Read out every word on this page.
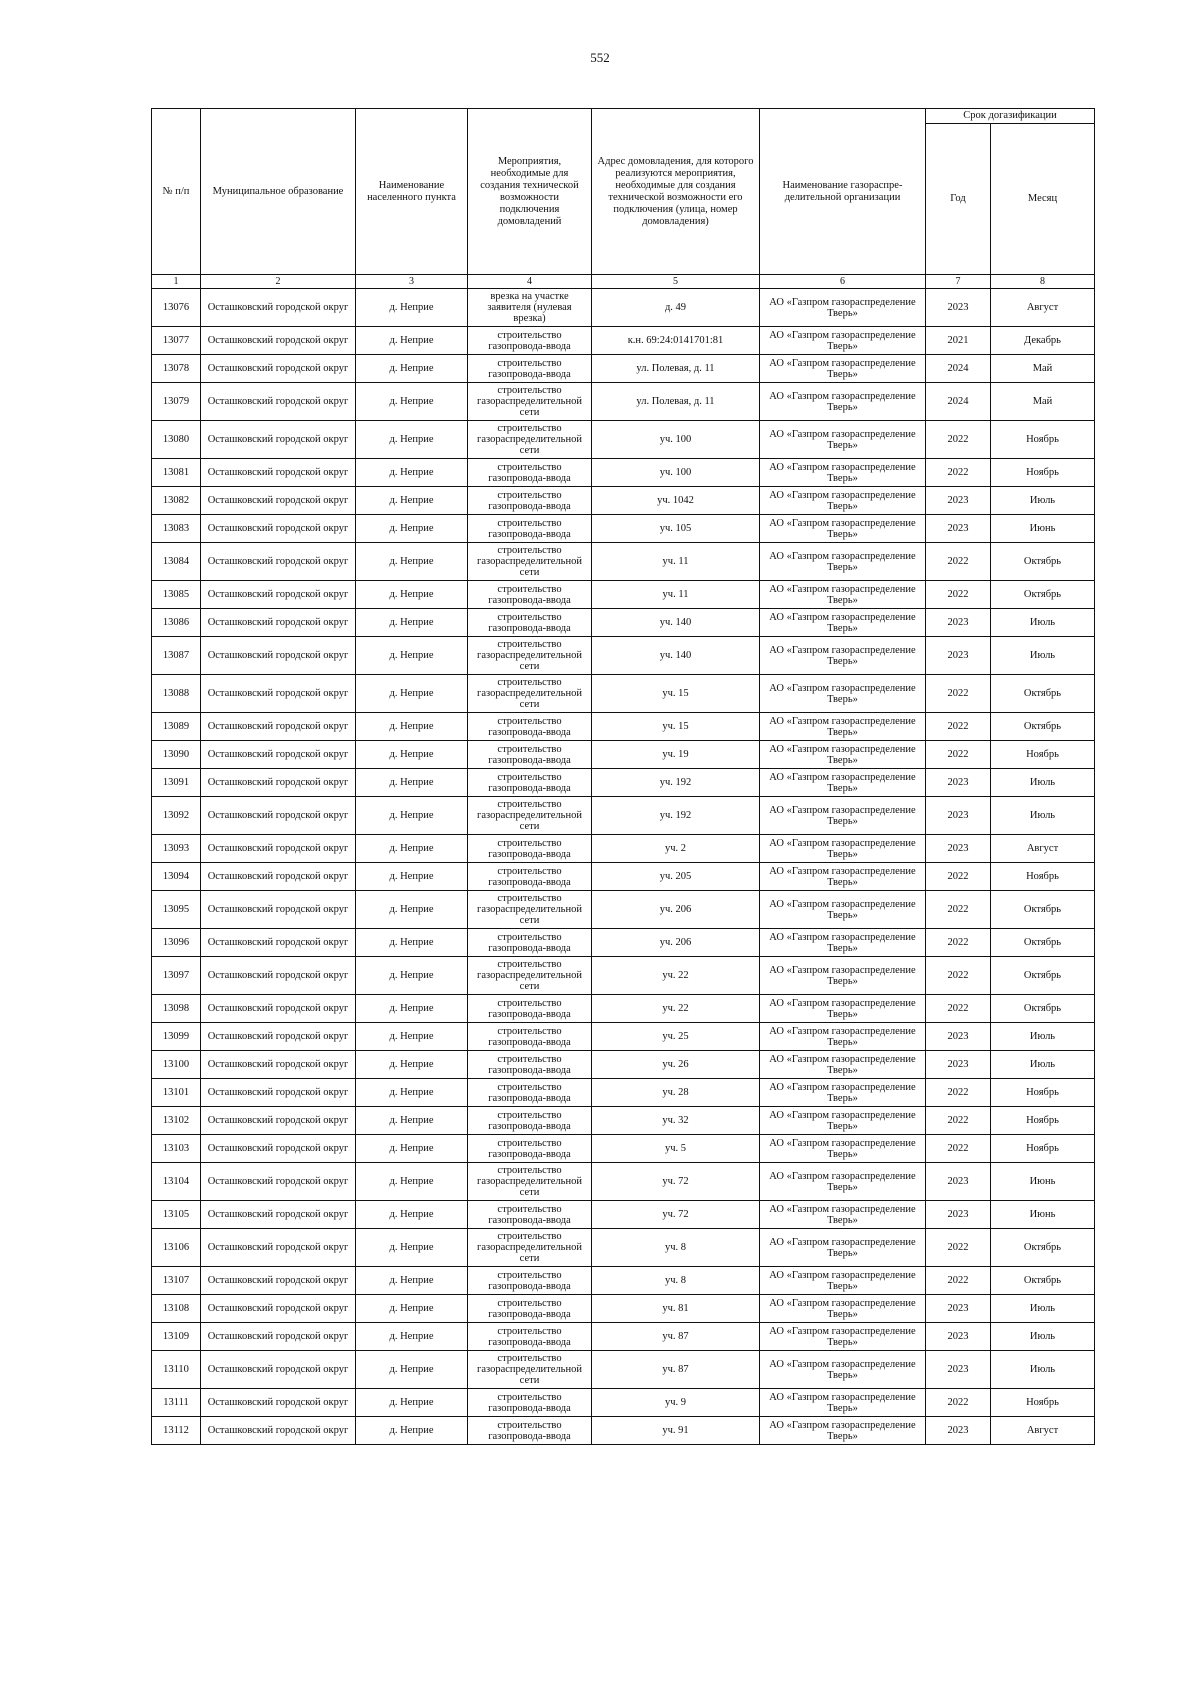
552
№ п/п	Муниципальное образование	Наименование населенного пункта	Мероприятия, необходимые для создания технической возможности подключения домовладений	Адрес домовладения, для которого реализуются мероприятия, необходимые для создания технической возможности его подключения (улица, номер домовладения)	Наименование газораспре-делительной организации	Срок догазификации	
						Год	Месяц
1	2	3	4	5	6	7	8
13076	Осташковский городской округ	д. Неприе	врезка на участке заявителя (нулевая врезка)	д. 49	АО «Газпром газораспределение Тверь»	2023	Август
13077	Осташковский городской округ	д. Неприе	строительство газопровода-ввода	к.н. 69:24:0141701:81	АО «Газпром газораспределение Тверь»	2021	Декабрь
13078	Осташковский городской округ	д. Неприе	строительство газопровода-ввода	ул. Полевая, д. 11	АО «Газпром газораспределение Тверь»	2024	Май
13079	Осташковский городской округ	д. Неприе	строительство газораспределительной сети	ул. Полевая, д. 11	АО «Газпром газораспределение Тверь»	2024	Май
13080	Осташковский городской округ	д. Неприе	строительство газораспределительной сети	уч. 100	АО «Газпром газораспределение Тверь»	2022	Ноябрь
13081	Осташковский городской округ	д. Неприе	строительство газопровода-ввода	уч. 100	АО «Газпром газораспределение Тверь»	2022	Ноябрь
13082	Осташковский городской округ	д. Неприе	строительство газопровода-ввода	уч. 1042	АО «Газпром газораспределение Тверь»	2023	Июль
13083	Осташковский городской округ	д. Неприе	строительство газопровода-ввода	уч. 105	АО «Газпром газораспределение Тверь»	2023	Июнь
13084	Осташковский городской округ	д. Неприе	строительство газораспределительной сети	уч. 11	АО «Газпром газораспределение Тверь»	2022	Октябрь
13085	Осташковский городской округ	д. Неприе	строительство газопровода-ввода	уч. 11	АО «Газпром газораспределение Тверь»	2022	Октябрь
13086	Осташковский городской округ	д. Неприе	строительство газопровода-ввода	уч. 140	АО «Газпром газораспределение Тверь»	2023	Июль
13087	Осташковский городской округ	д. Неприе	строительство газораспределительной сети	уч. 140	АО «Газпром газораспределение Тверь»	2023	Июль
13088	Осташковский городской округ	д. Неприе	строительство газораспределительной сети	уч. 15	АО «Газпром газораспределение Тверь»	2022	Октябрь
13089	Осташковский городской округ	д. Неприе	строительство газопровода-ввода	уч. 15	АО «Газпром газораспределение Тверь»	2022	Октябрь
13090	Осташковский городской округ	д. Неприе	строительство газопровода-ввода	уч. 19	АО «Газпром газораспределение Тверь»	2022	Ноябрь
13091	Осташковский городской округ	д. Неприе	строительство газопровода-ввода	уч. 192	АО «Газпром газораспределение Тверь»	2023	Июль
13092	Осташковский городской округ	д. Неприе	строительство газораспределительной сети	уч. 192	АО «Газпром газораспределение Тверь»	2023	Июль
13093	Осташковский городской округ	д. Неприе	строительство газопровода-ввода	уч. 2	АО «Газпром газораспределение Тверь»	2023	Август
13094	Осташковский городской округ	д. Неприе	строительство газопровода-ввода	уч. 205	АО «Газпром газораспределение Тверь»	2022	Ноябрь
13095	Осташковский городской округ	д. Неприе	строительство газораспределительной сети	уч. 206	АО «Газпром газораспределение Тверь»	2022	Октябрь
13096	Осташковский городской округ	д. Неприе	строительство газопровода-ввода	уч. 206	АО «Газпром газораспределение Тверь»	2022	Октябрь
13097	Осташковский городской округ	д. Неприе	строительство газораспределительной сети	уч. 22	АО «Газпром газораспределение Тверь»	2022	Октябрь
13098	Осташковский городской округ	д. Неприе	строительство газопровода-ввода	уч. 22	АО «Газпром газораспределение Тверь»	2022	Октябрь
13099	Осташковский городской округ	д. Неприе	строительство газопровода-ввода	уч. 25	АО «Газпром газораспределение Тверь»	2023	Июль
13100	Осташковский городской округ	д. Неприе	строительство газопровода-ввода	уч. 26	АО «Газпром газораспределение Тверь»	2023	Июль
13101	Осташковский городской округ	д. Неприе	строительство газопровода-ввода	уч. 28	АО «Газпром газораспределение Тверь»	2022	Ноябрь
13102	Осташковский городской округ	д. Неприе	строительство газопровода-ввода	уч. 32	АО «Газпром газораспределение Тверь»	2022	Ноябрь
13103	Осташковский городской округ	д. Неприе	строительство газопровода-ввода	уч. 5	АО «Газпром газораспределение Тверь»	2022	Ноябрь
13104	Осташковский городской округ	д. Неприе	строительство газораспределительной сети	уч. 72	АО «Газпром газораспределение Тверь»	2023	Июнь
13105	Осташковский городской округ	д. Неприе	строительство газопровода-ввода	уч. 72	АО «Газпром газораспределение Тверь»	2023	Июнь
13106	Осташковский городской округ	д. Неприе	строительство газораспределительной сети	уч. 8	АО «Газпром газораспределение Тверь»	2022	Октябрь
13107	Осташковский городской округ	д. Неприе	строительство газопровода-ввода	уч. 8	АО «Газпром газораспределение Тверь»	2022	Октябрь
13108	Осташковский городской округ	д. Неприе	строительство газопровода-ввода	уч. 81	АО «Газпром газораспределение Тверь»	2023	Июль
13109	Осташковский городской округ	д. Неприе	строительство газопровода-ввода	уч. 87	АО «Газпром газораспределение Тверь»	2023	Июль
13110	Осташковский городской округ	д. Неприе	строительство газораспределительной сети	уч. 87	АО «Газпром газораспределение Тверь»	2023	Июль
13111	Осташковский городской округ	д. Неприе	строительство газопровода-ввода	уч. 9	АО «Газпром газораспределение Тверь»	2022	Ноябрь
13112	Осташковский городской округ	д. Неприе	строительство газопровода-ввода	уч. 91	АО «Газпром газораспределение Тверь»	2023	Август
